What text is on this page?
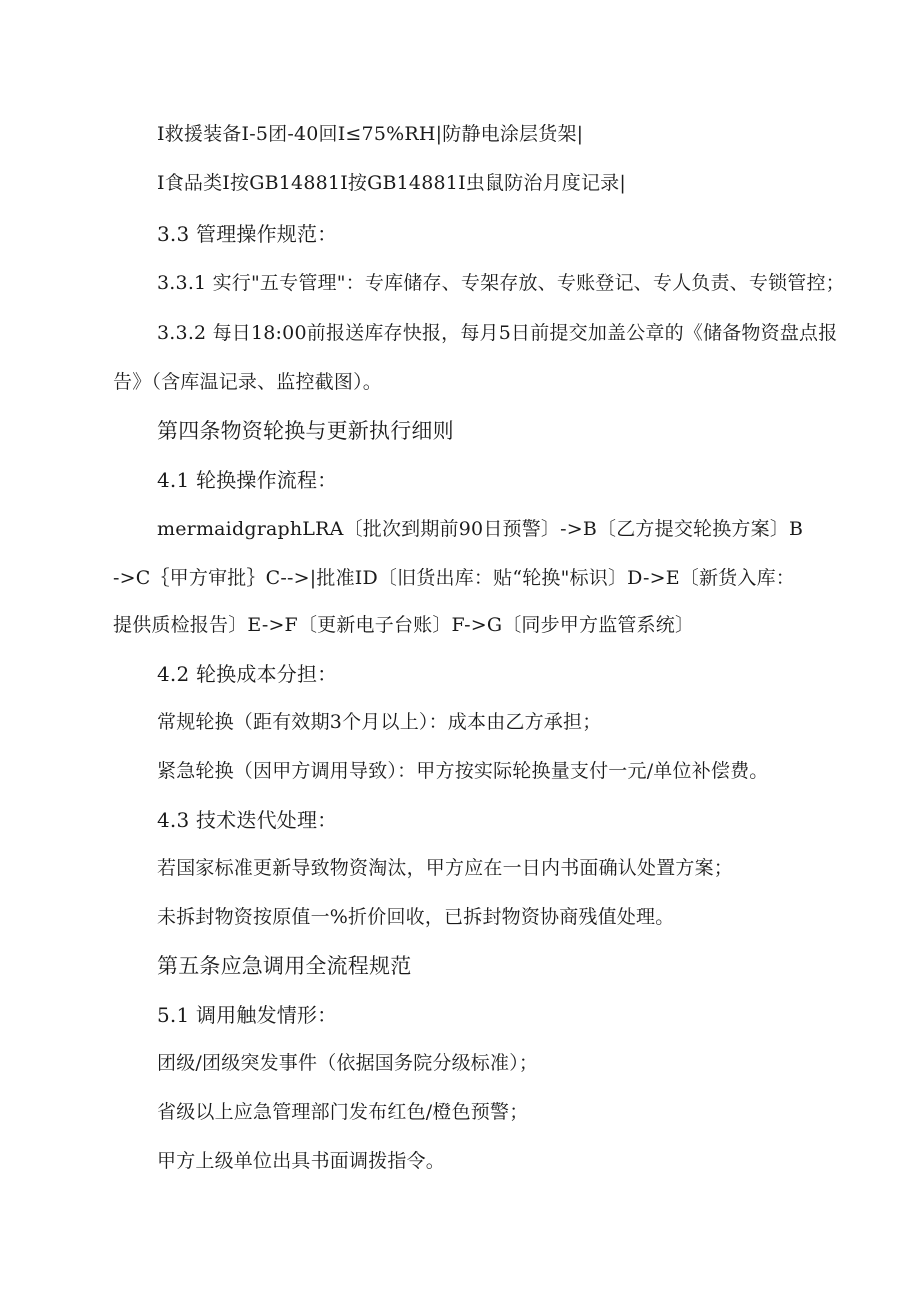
I救援装备I-5团-40回I≤75%RH|防静电涂层货架|
I食品类I按GB14881I按GB14881I虫鼠防治月度记录|
3.3 管理操作规范：
3.3.1 实行"五专管理"：专库储存、专架存放、专账登记、专人负责、专锁管控；
3.3.2 每日18:00前报送库存快报，每月5日前提交加盖公章的《储备物资盘点报
告》（含库温记录、监控截图）。
第四条物资轮换与更新执行细则
4.1 轮换操作流程：
mermaidgraphLRA〔批次到期前90日预警〕->B〔乙方提交轮换方案〕B
->C｛甲方审批｝C-->|批准ID〔旧货出库：贴“轮换"标识〕D->E〔新货入库：
提供质检报告〕E->F〔更新电子台账〕F->G〔同步甲方监管系统〕
4.2 轮换成本分担：
常规轮换（距有效期3个月以上）：成本由乙方承担；
紧急轮换（因甲方调用导致）：甲方按实际轮换量支付一元/单位补偿费。
4.3 技术迭代处理：
若国家标准更新导致物资淘汰，甲方应在一日内书面确认处置方案；
未拆封物资按原值一%折价回收，已拆封物资协商残值处理。
第五条应急调用全流程规范
5.1 调用触发情形：
团级/团级突发事件（依据国务院分级标准）；
省级以上应急管理部门发布红色/橙色预警；
甲方上级单位出具书面调拨指令。
